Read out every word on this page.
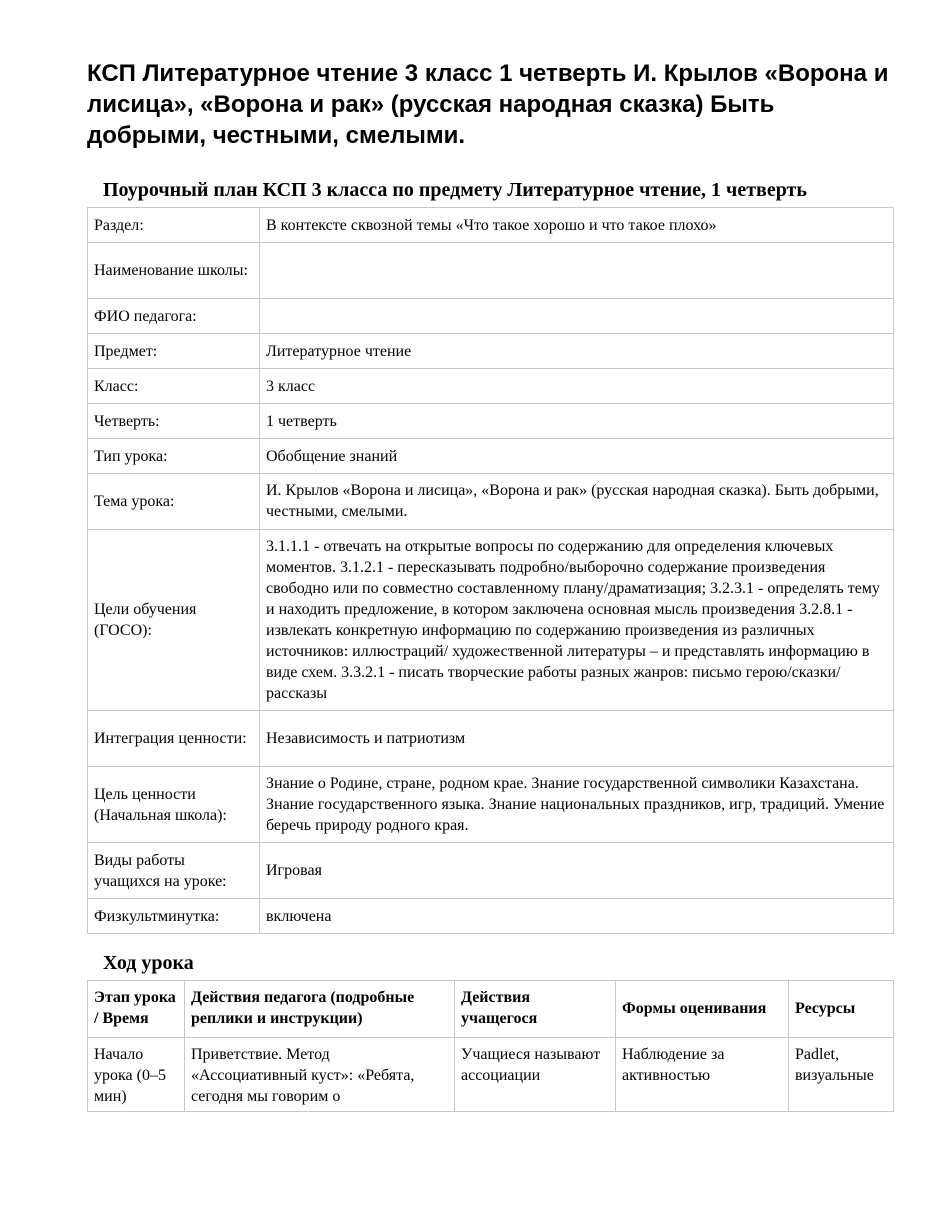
КСП Литературное чтение 3 класс 1 четверть И. Крылов «Ворона и лисица», «Ворона и рак» (русская народная сказка) Быть добрыми, честными, смелыми.
Поурочный план КСП 3 класса по предмету Литературное чтение, 1 четверть
Раздел:	В контексте сквозной темы «Что такое хорошо и что такое плохо»
Наименование школы:	
ФИО педагога:	
Предмет:	Литературное чтение
Класс:	3 класс
Четверть:	1 четверть
Тип урока:	Обобщение знаний
Тема урока:	И. Крылов «Ворона и лисица», «Ворона и рак» (русская народная сказка). Быть добрыми, честными, смелыми.
Цели обучения (ГОСО):	3.1.1.1 - отвечать на открытые вопросы по содержанию для определения ключевых моментов. 3.1.2.1 - пересказывать подробно/выборочно содержание произведения свободно или по совместно составленному плану/драматизация; 3.2.3.1 - определять тему и находить предложение, в котором заключена основная мысль произведения 3.2.8.1 - извлекать конкретную информацию по содержанию произведения из различных источников: иллюстраций/ художественной литературы – и представлять информацию в виде схем. 3.3.2.1 - писать творческие работы разных жанров: письмо герою/сказки/ рассказы
Интеграция ценности:	Независимость и патриотизм
Цель ценности (Начальная школа):	Знание о Родине, стране, родном крае. Знание государственной символики Казахстана. Знание государственного языка. Знание национальных праздников, игр, традиций. Умение беречь природу родного края.
Виды работы учащихся на уроке:	Игровая
Физкультминутка:	включена
Ход урока
Этап урока / Время	Действия педагога (подробные реплики и инструкции)	Действия учащегося	Формы оценивания	Ресурсы
Начало урока (0–5 мин)	Приветствие. Метод «Ассоциативный куст»: «Ребята, сегодня мы говорим о	Учащиеся называют ассоциации	Наблюдение за активностью	Padlet, визуальные
